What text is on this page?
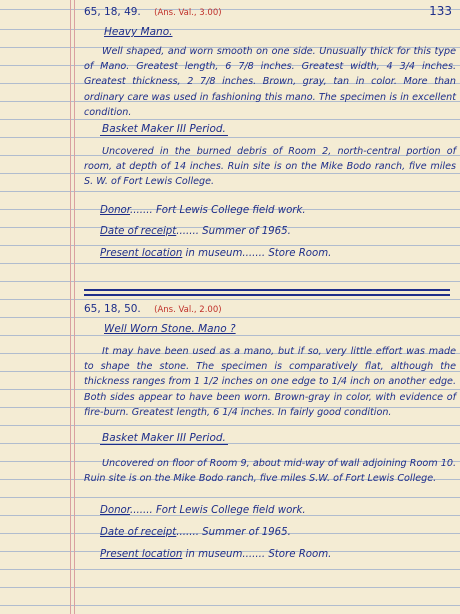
133
65, 18, 49. (Ans. Val., 3.00)
Heavy Mano.
Well shaped, and worn smooth on one side. Unusually thick for this type of Mano. Greatest length, 6 7/8 inches. Greatest width, 4 3/4 inches. Greatest thickness, 2 7/8 inches. Brown, gray, tan in color. More than ordinary care was used in fashioning this mano. The specimen is in excellent condition.
Basket Maker III Period.
Uncovered in the burned debris of Room 2, north-central portion of room, at depth of 14 inches. Ruin site is on the Mike Bodo ranch, five miles S. W. of Fort Lewis College.
Donor....... Fort Lewis College field work.
Date of receipt....... Summer of 1965.
Present location in museum....... Store Room.
65, 18, 50. (Ans. Val., 2.00)
Well Worn Stone. Mano ?
It may have been used as a mano, but if so, very little effort was made to shape the stone. The specimen is comparatively flat, although the thickness ranges from 1 1/2 inches on one edge to 1/4 inch on another edge. Both sides appear to have been worn. Brown-gray in color, with evidence of fire-burn. Greatest length, 6 1/4 inches. In fairly good condition.
Basket Maker III Period.
Uncovered on floor of Room 9, about mid-way of wall adjoining Room 10. Ruin site is on the Mike Bodo ranch, five miles S.W. of Fort Lewis College.
Donor....... Fort Lewis College field work.
Date of receipt....... Summer of 1965.
Present location in museum....... Store Room.
